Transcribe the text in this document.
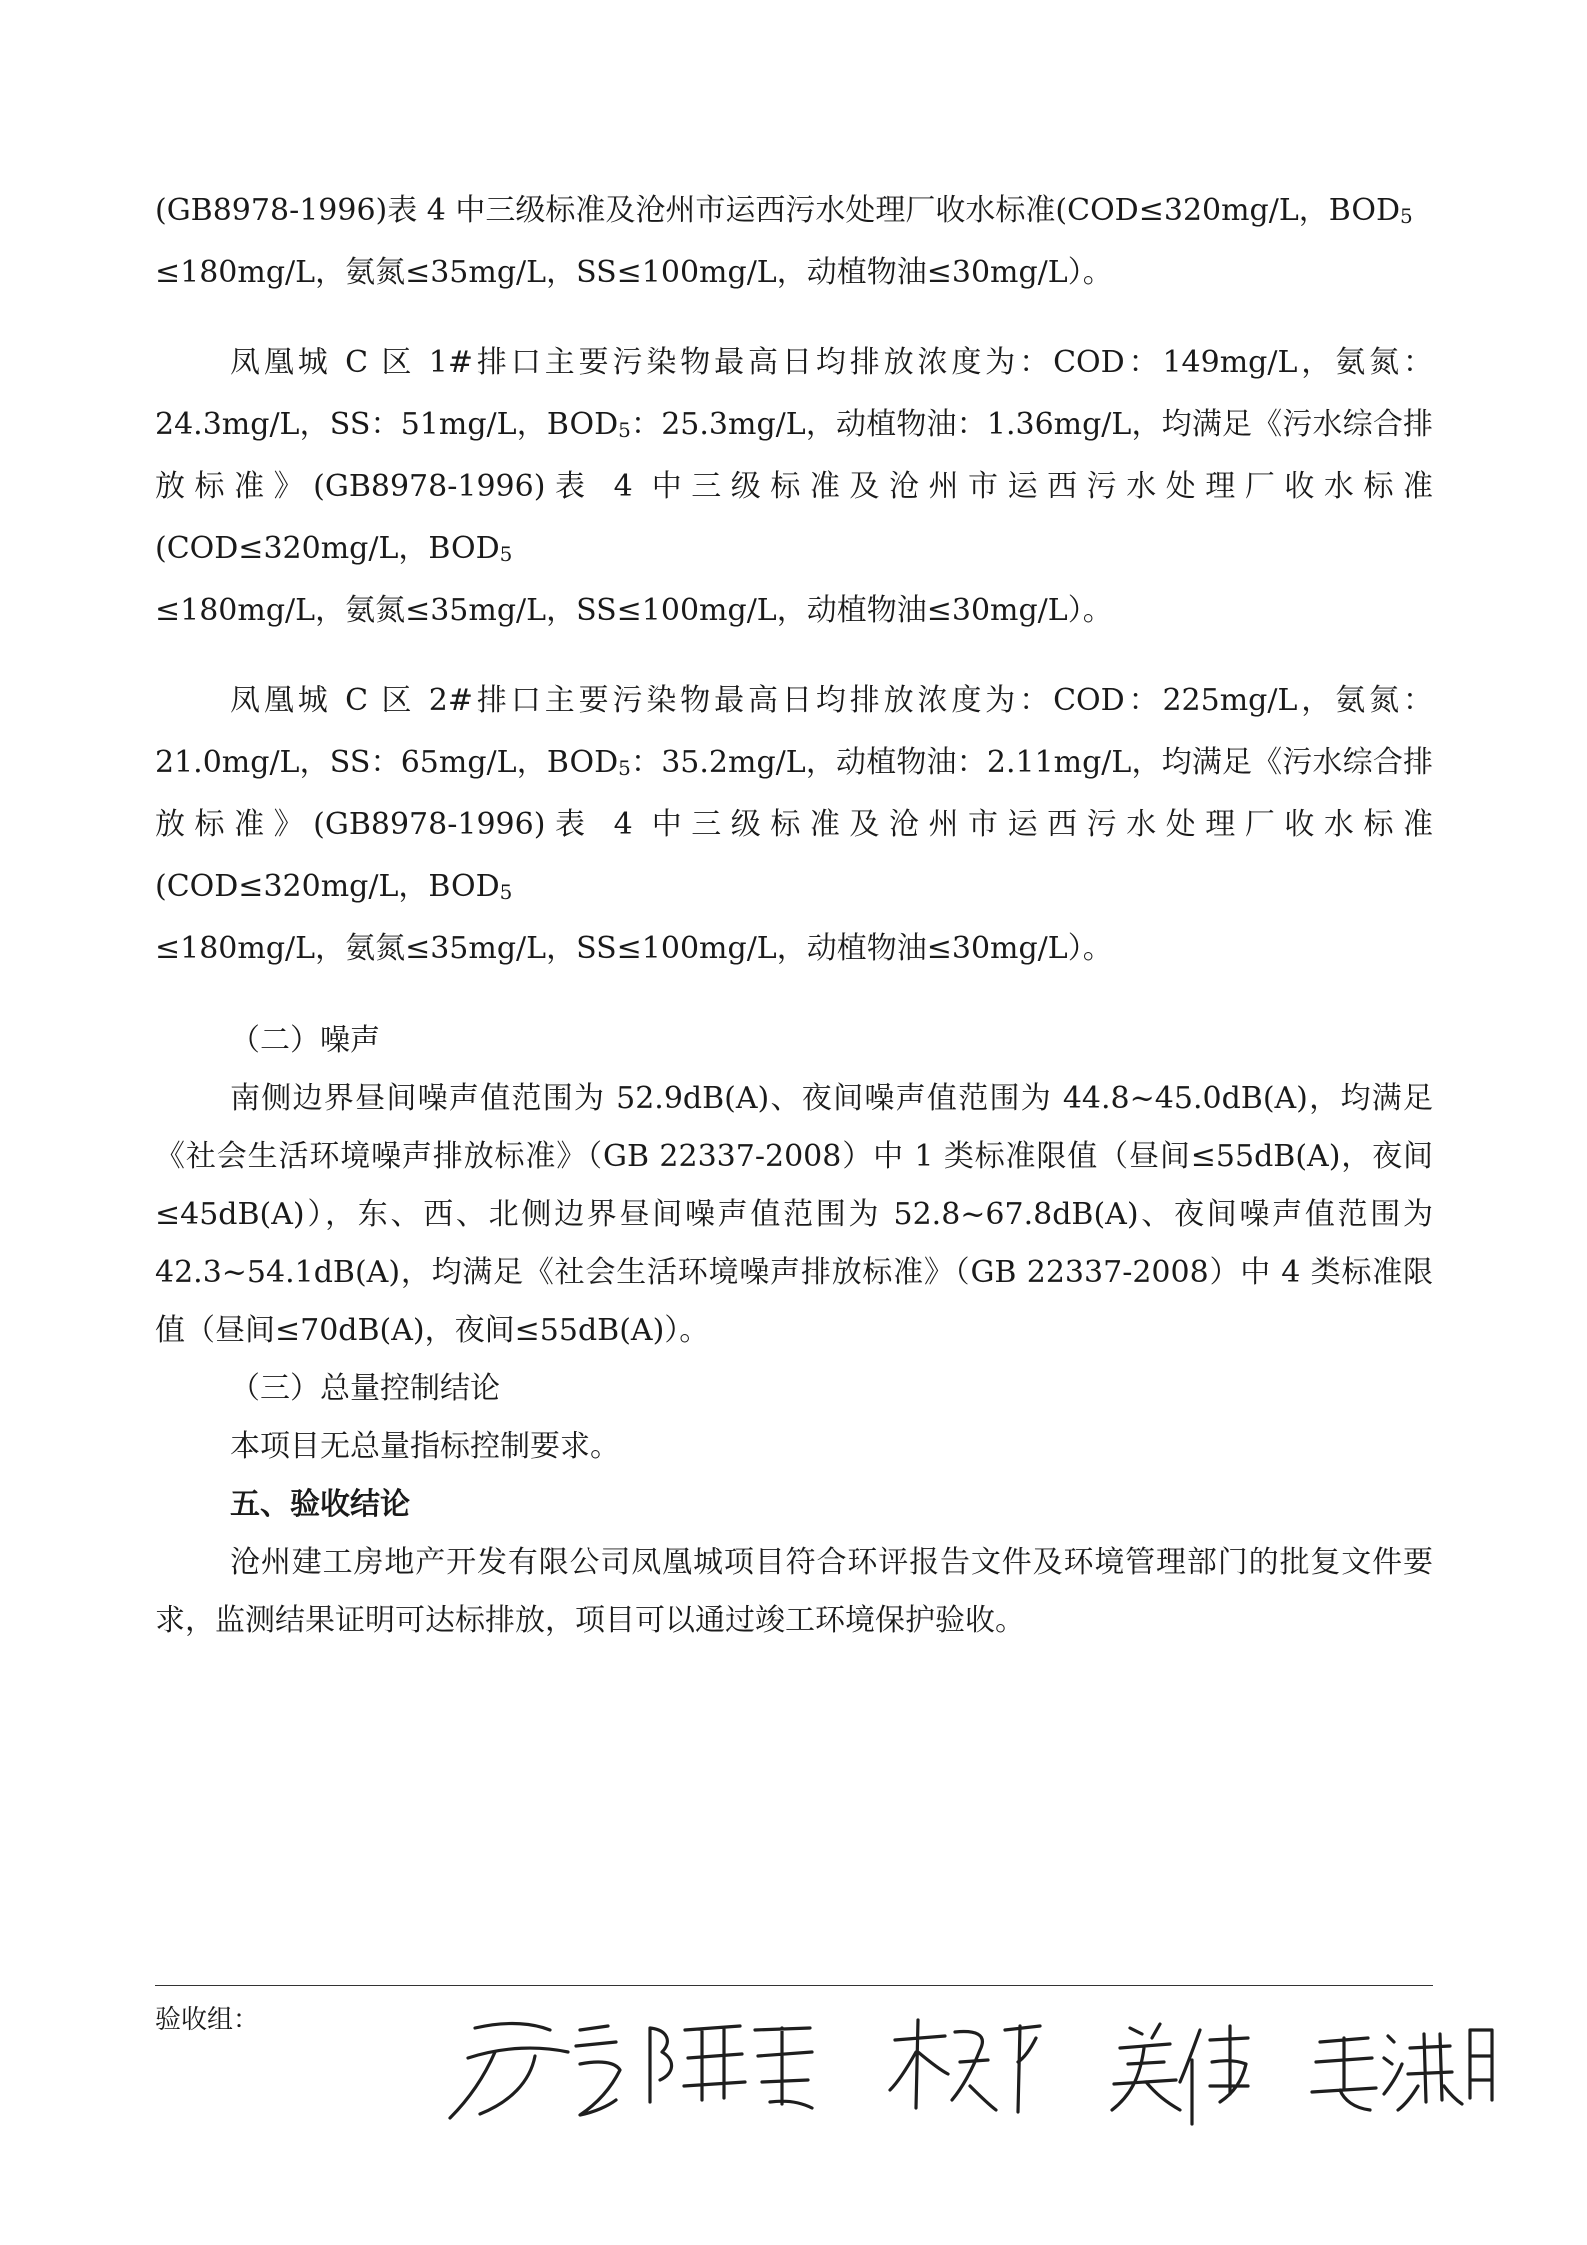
(GB8978-1996)表 4 中三级标准及沧州市运西污水处理厂收水标准(COD≤320mg/L，$BOD_5$
≤180mg/L，氨氮≤35mg/L，SS≤100mg/L，动植物油≤30mg/L）。

凤凰城 C 区 1#排口主要污染物最高日均排放浓度为：COD：149mg/L，氨氮：24.3mg/L，SS：51mg/L，$BOD_5$：25.3mg/L，动植物油：1.36mg/L，均满足《污水综合排放标准》(GB8978-1996)表 4 中三级标准及沧州市运西污水处理厂收水标准(COD≤320mg/L，$BOD_5$
≤180mg/L，氨氮≤35mg/L，SS≤100mg/L，动植物油≤30mg/L）。

凤凰城 C 区 2#排口主要污染物最高日均排放浓度为：COD：225mg/L，氨氮：21.0mg/L，SS：65mg/L，$BOD_5$：35.2mg/L，动植物油：2.11mg/L，均满足《污水综合排放标准》(GB8978-1996)表 4 中三级标准及沧州市运西污水处理厂收水标准(COD≤320mg/L，$BOD_5$
≤180mg/L，氨氮≤35mg/L，SS≤100mg/L，动植物油≤30mg/L）。

（二）噪声

南侧边界昼间噪声值范围为 52.9dB(A)、夜间噪声值范围为 44.8~45.0dB(A)，均满足《社会生活环境噪声排放标准》（GB 22337-2008）中 1 类标准限值（昼间≤55dB(A)，夜间≤45dB(A)），东、西、北侧边界昼间噪声值范围为 52.8~67.8dB(A)、夜间噪声值范围为 42.3~54.1dB(A)，均满足《社会生活环境噪声排放标准》（GB 22337-2008）中 4 类标准限值（昼间≤70dB(A)，夜间≤55dB(A)）。

（三）总量控制结论

本项目无总量指标控制要求。

五、验收结论

沧州建工房地产开发有限公司凤凰城项目符合环评报告文件及环境管理部门的批复文件要求，监测结果证明可达标排放，项目可以通过竣工环境保护验收。

验收组：
